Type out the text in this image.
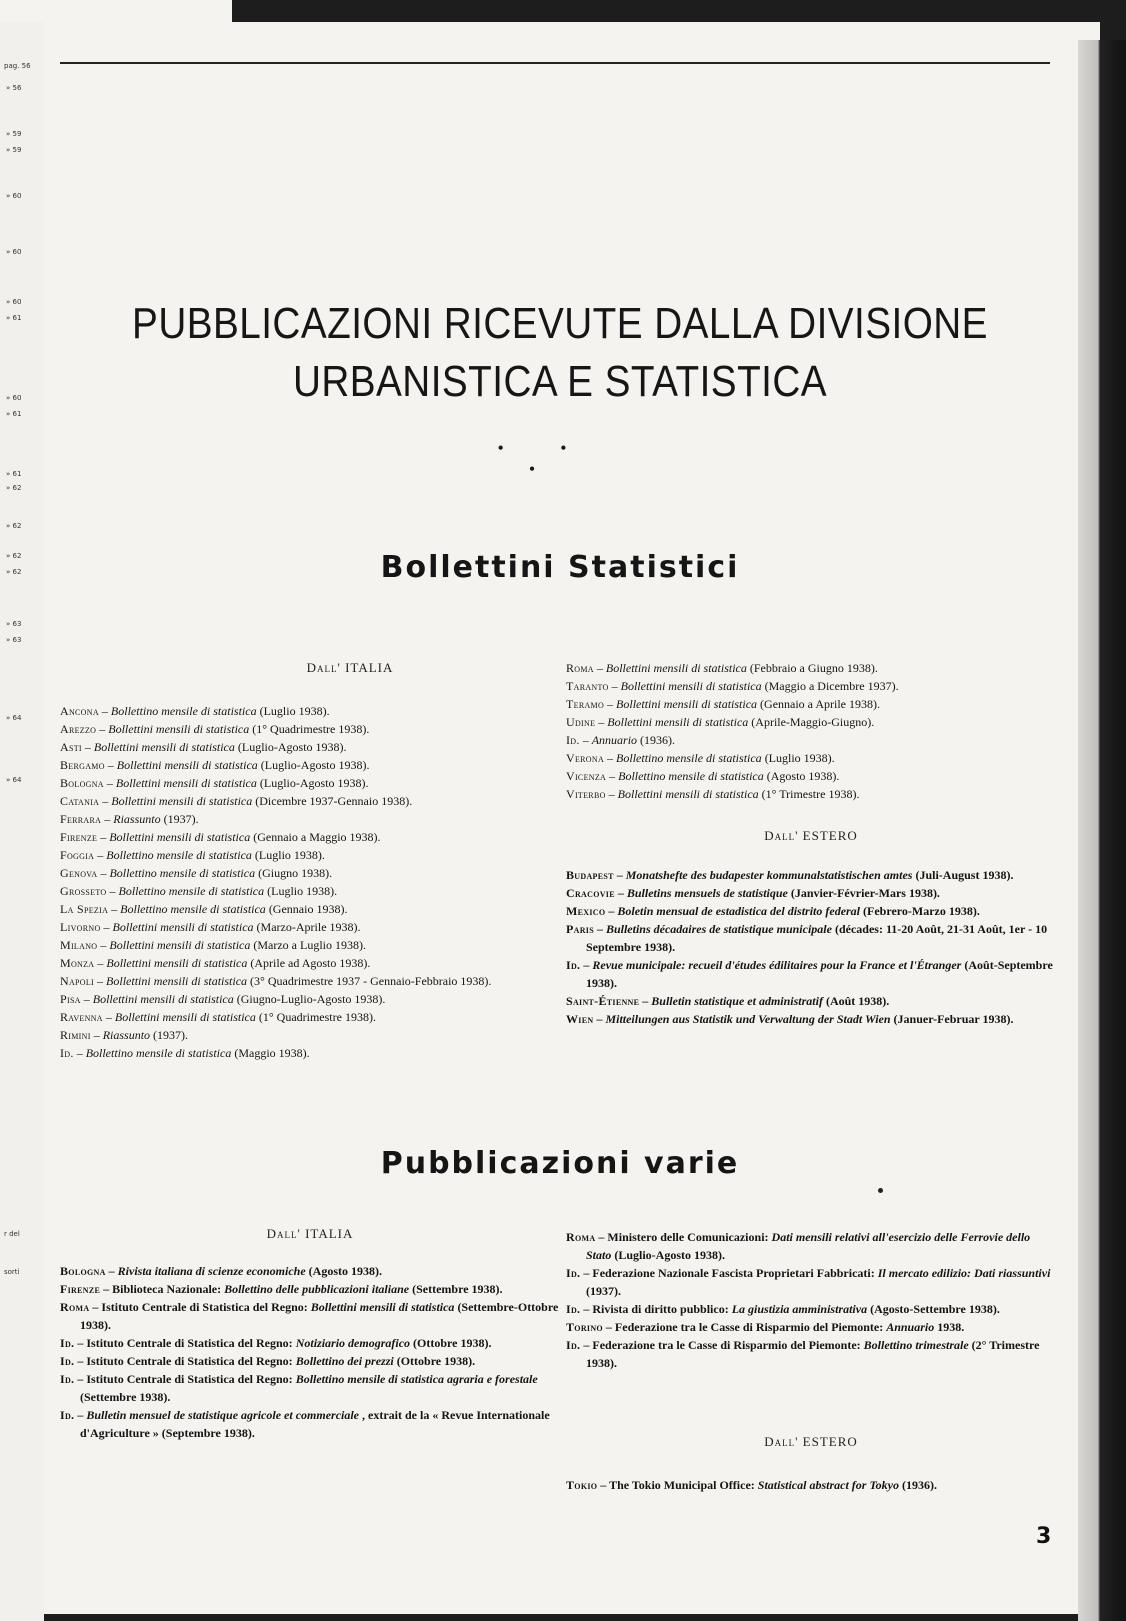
pag. 56
» 56
» 59
» 59
» 60
» 60
» 60
» 61
» 60
» 61
» 61
» 62
» 62
» 62
» 62
» 63
» 63
» 64
» 64
r del
sorti
PUBBLICAZIONI RICEVUTE DALLA DIVISIONE
URBANISTICA E STATISTICA
• • •
Bollettini Statistici
Dall' ITALIA
Ancona – Bollettino mensile di statistica (Luglio 1938).
Arezzo – Bollettini mensili di statistica (1° Quadrimestre 1938).
Asti – Bollettini mensili di statistica (Luglio-Agosto 1938).
Bergamo – Bollettini mensili di statistica (Luglio-Agosto 1938).
Bologna – Bollettini mensili di statistica (Luglio-Agosto 1938).
Catania – Bollettini mensili di statistica (Dicembre 1937-Gennaio 1938).
Ferrara – Riassunto (1937).
Firenze – Bollettini mensili di statistica (Gennaio a Maggio 1938).
Foggia – Bollettino mensile di statistica (Luglio 1938).
Genova – Bollettino mensile di statistica (Giugno 1938).
Grosseto – Bollettino mensile di statistica (Luglio 1938).
La Spezia – Bollettino mensile di statistica (Gennaio 1938).
Livorno – Bollettini mensili di statistica (Marzo-Aprile 1938).
Milano – Bollettini mensili di statistica (Marzo a Luglio 1938).
Monza – Bollettini mensili di statistica (Aprile ad Agosto 1938).
Napoli – Bollettini mensili di statistica (3° Quadrimestre 1937 - Gennaio-Febbraio 1938).
Pisa – Bollettini mensili di statistica (Giugno-Luglio-Agosto 1938).
Ravenna – Bollettini mensili di statistica (1° Quadrimestre 1938).
Rimini – Riassunto (1937).
Id. – Bollettino mensile di statistica (Maggio 1938).
Roma – Bollettini mensili di statistica (Febbraio a Giugno 1938).
Taranto – Bollettini mensili di statistica (Maggio a Dicembre 1937).
Teramo – Bollettini mensili di statistica (Gennaio a Aprile 1938).
Udine – Bollettini mensili di statistica (Aprile-Maggio-Giugno).
Id. – Annuario (1936).
Verona – Bollettino mensile di statistica (Luglio 1938).
Vicenza – Bollettino mensile di statistica (Agosto 1938).
Viterbo – Bollettini mensili di statistica (1° Trimestre 1938).
Dall' ESTERO
Budapest – Monatshefte des budapester kommunalstatistischen amtes (Juli-August 1938).
Cracovie – Bulletins mensuels de statistique (Janvier-Février-Mars 1938).
Mexico – Boletin mensual de estadistica del distrito federal (Febrero-Marzo 1938).
Paris – Bulletins décadaires de statistique municipale (décades: 11-20 Août, 21-31 Août, 1er - 10 Septembre 1938).
Id. – Revue municipale: recueil d'études édilitaires pour la France et l'Étranger (Août-Septembre 1938).
Saint-Étienne – Bulletin statistique et administratif (Août 1938).
Wien – Mitteilungen aus Statistik und Verwaltung der Stadt Wien (Januer-Februar 1938).
Pubblicazioni varie
Dall' ITALIA
Bologna – Rivista italiana di scienze economiche (Agosto 1938).
Firenze – Biblioteca Nazionale: Bollettino delle pubblicazioni italiane (Settembre 1938).
Roma – Istituto Centrale di Statistica del Regno: Bollettini mensili di statistica (Settembre-Ottobre 1938).
Id. – Istituto Centrale di Statistica del Regno: Notiziario demografico (Ottobre 1938).
Id. – Istituto Centrale di Statistica del Regno: Bollettino dei prezzi (Ottobre 1938).
Id. – Istituto Centrale di Statistica del Regno: Bollettino mensile di statistica agraria e forestale (Settembre 1938).
Id. – Bulletin mensuel de statistique agricole et commerciale , extrait de la « Revue Internationale d'Agriculture » (Septembre 1938).
Roma – Ministero delle Comunicazioni: Dati mensili relativi all'esercizio delle Ferrovie dello Stato (Luglio-Agosto 1938).
Id. – Federazione Nazionale Fascista Proprietari Fabbricati: Il mercato edilizio: Dati riassuntivi (1937).
Id. – Rivista di diritto pubblico: La giustizia amministrativa (Agosto-Settembre 1938).
Torino – Federazione tra le Casse di Risparmio del Piemonte: Annuario 1938.
Id. – Federazione tra le Casse di Risparmio del Piemonte: Bollettino trimestrale (2° Trimestre 1938).
Dall' ESTERO
Tokio – The Tokio Municipal Office: Statistical abstract for Tokyo (1936).
3
